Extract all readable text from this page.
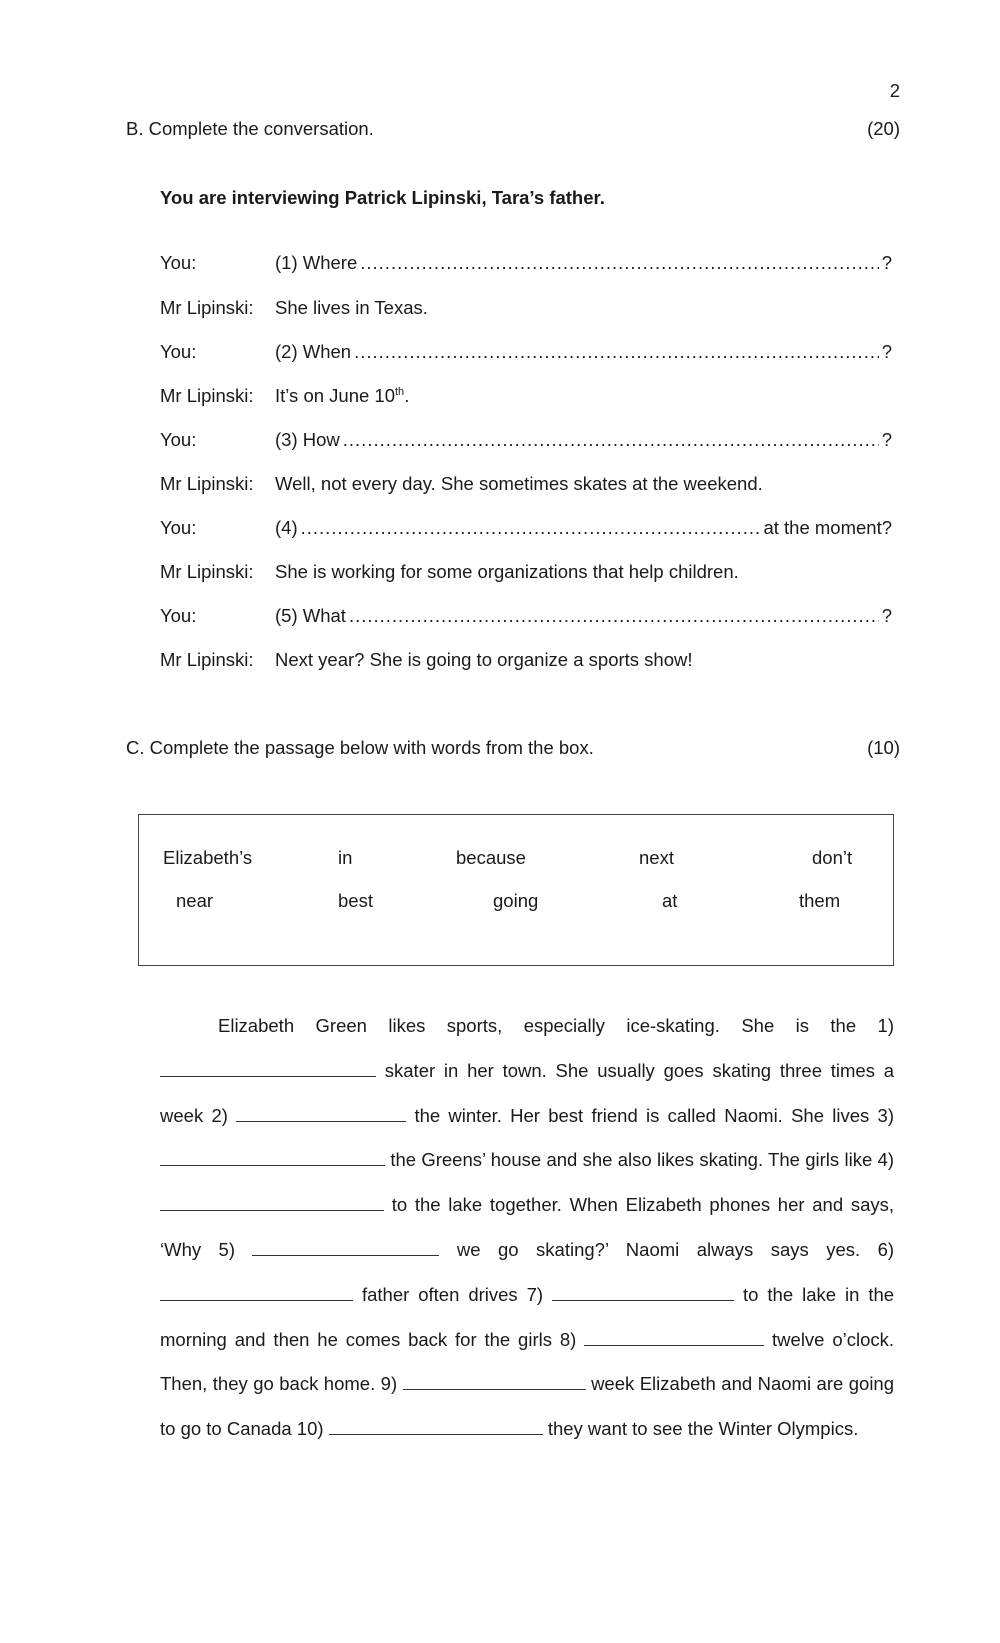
2
B. Complete the conversation.	(20)
You are interviewing Patrick Lipinski, Tara’s father.
You:	(1) Where .....	?
Mr Lipinski: She lives in Texas.
You:	(2) When .....	?
Mr Lipinski: It’s on June 10th.
You:	(3) How .....	?
Mr Lipinski: Well, not every day. She sometimes skates at the weekend.
You:	(4) .....	at the moment?
Mr Lipinski: She is working for some organizations that help children.
You:	(5) What .....	?
Mr Lipinski: Next year? She is going to organize a sports show!
C. Complete the passage below with words from the box.	(10)
Elizabeth’s	in	because	next	don’t
near	best	going	at	them

Elizabeth Green likes sports, especially ice-skating. She is the 1)  skater in her town. She usually goes skating three times a week 2)	the winter. Her best friend is called Naomi. She lives 3)  the Greens’ house and she also likes skating. The girls like 4)  to the lake together. When Elizabeth phones her and says, ‘Why 5)	we go skating?’ Naomi always says yes. 6)  father often drives 7)	to the lake in the morning and then he comes back for the girls 8)	twelve o’clock. Then, they go back home. 9)	week Elizabeth and Naomi are going to go to Canada 10)	they want to see the Winter Olympics.
